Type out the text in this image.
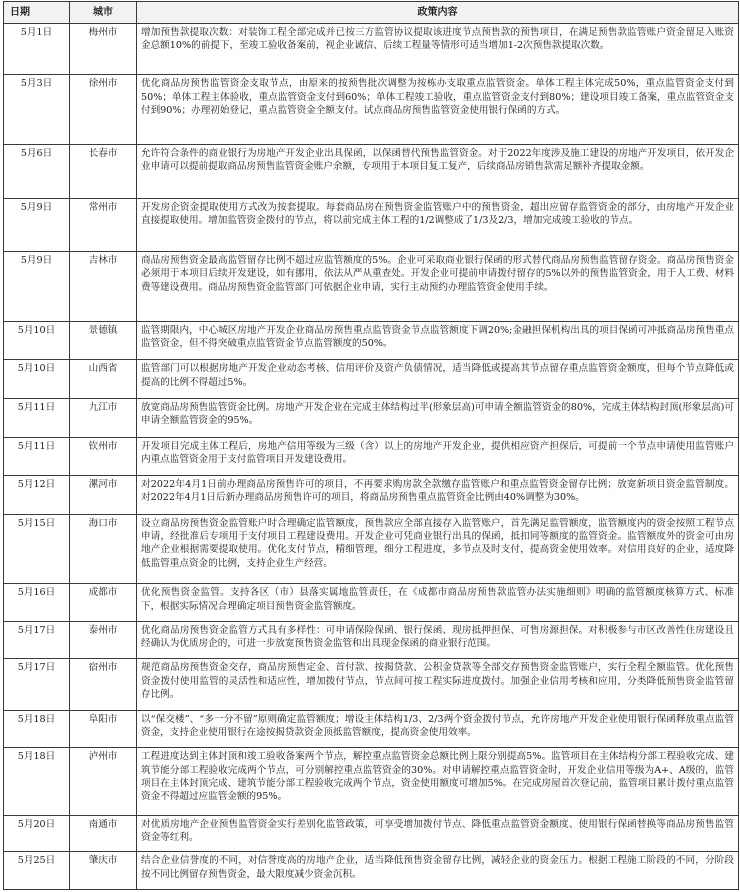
日期	城市	政策内容
5月1日	梅州市	增加预售款提取次数：对装饰工程全部完成并已按三方监管协议提取该进度节点预售款的预售项目，在满足预售款监管账户资金留足入账资金总额10%的前提下，至竣工验收备案前，视企业诚信、后续工程量等情形可适当增加1-2次预售款提取次数。
5月3日	徐州市	优化商品房预售监管资金支取节点，由原来的按预售批次调整为按栋办支取重点监管资金。单体工程主体完成50%，重点监管资金支付到50%；单体工程主体验收，重点监管资金支付到60%；单体工程竣工验收，重点监管资金支付到80%；建设项目竣工备案，重点监管资金支付到90%；办理初始登记，重点监管资金全额支付。试点商品房预售监管资金使用银行保函的方式。
5月6日	长春市	允许符合条件的商业银行为房地产开发企业出具保函，以保函替代预售监管资金。对于2022年度涉及施工建设的房地产开发项目，依开发企业申请可以提前提取商品房预售监管资金账户余额，专项用于本项目复工复产，后续商品房销售款需足额补齐提取金额。
5月9日	常州市	开发房企资金提取使用方式改为按套提取。每套商品房在预售资金监管账户中的预售资金，超出应留存监管资金的部分，由房地产开发企业直接提取使用。增加监管资金拨付的节点，将以前完成主体工程的1/2调整成了1/3及2/3，增加完成竣工验收的节点。
5月9日	吉林市	商品房预售资金最高监管留存比例不超过应监管额度的5%。企业可采取商业银行保函的形式替代商品房预售监管留存资金。商品房预售资金必须用于本项目后续开发建设，如有挪用，依法从严从重查处。开发企业可提前申请拨付留存的5%以外的预售监管资金，用于人工费、材料费等建设费用。商品房预售资金监管部门可依据企业申请，实行主动预约办理监管资金使用手续。
5月10日	景德镇	监管期限内，中心城区房地产开发企业商品房预售重点监管资金节点监管额度下调20%;金融担保机构出具的项目保函可冲抵商品房预售重点监管资金，但不得突破重点监管资金节点监管额度的50%。
5月10日	山西省	监管部门可以根据房地产开发企业动态考核、信用评价及资产负债情况，适当降低或提高其节点留存重点监管资金额度，但每个节点降低或提高的比例不得超过5%。
5月11日	九江市	放宽商品房预售监管资金比例。房地产开发企业在完成主体结构过半(形象层高)可申请全额监管资金的80%，完成主体结构封顶(形象层高)可申请全额监管资金的95%。
5月11日	钦州市	开发项目完成主体工程后，房地产信用等级为三级（含）以上的房地产开发企业，提供相应资产担保后，可提前一个节点申请使用监管账户内重点监管资金用于支付监管项目开发建设费用。
5月12日	漯河市	对2022年4月1日前办理商品房预售许可的项目，不再要求购房款全款缴存监管账户和重点监管资金留存比例；放宽新项目资金监管制度。对2022年4月1日后新办理商品房预售许可的项目，将商品房预售重点监管资金比例由40%调整为30%。
5月15日	海口市	设立商品房预售资金监管账户时合理确定监管额度，预售款应全部直接存入监管账户，首先满足监管额度，监管额度内的资金按照工程节点申请，经批准后专项用于支付项目工程建设费用。开发企业可凭商业银行出具的保函，抵扣同等额度的监管资金。监管额度外的资金可由房地产企业根据需要提取使用。优化支付节点，精细管理，细分工程进度，多节点及时支付，提高资金使用效率。对信用良好的企业，适度降低监管重点资金的比例，支持企业生产经营。
5月16日	成都市	优化预售资金监管。支持各区（市）县落实属地监管责任，在《成都市商品房预售款监管办法实施细则》明确的监管额度核算方式、标准下，根据实际情况合理确定项目预售资金监管额度。
5月17日	泰州市	优化商品房预售资金监管方式具有多样性：可申请保险保函、银行保函、现房抵押担保、可售房源担保。对积极参与市区改善性住房建设且经确认为优质房企的，可进一步放宽预售资金监管和出具现金保函的商业银行范围。
5月17日	宿州市	规范商品房预售资金交存，商品房预售定金、首付款、按揭贷款、公积金贷款等全部交存预售资金监管账户，实行全程全额监管。优化预售资金拨付使用监管的灵活性和适应性，增加拨付节点，节点间可按工程实际进度拨付。加强企业信用考核和应用，分类降低预售资金监管留存比例。
5月18日	阜阳市	以“保交楼”、“多一分不留”原则确定监管额度；增设主体结构1/3、2/3两个资金拨付节点，允许房地产开发企业使用银行保函释放重点监管资金，支持企业使用银行在途按揭贷款资金顶抵监管额度，提高资金使用效率。
5月18日	泸州市	工程进度达到主体封顶和竣工验收备案两个节点，解控重点监管资金总额比例上限分别提高5%。监管项目在主体结构分部工程验收完成、建筑节能分部工程验收完成两个节点，可分别解控重点监管资金的30%。对申请解控重点监管资金时，开发企业信用等级为A+、A级的，监管项目在主体封顶完成、建筑节能分部工程验收完成两个节点，资金使用额度可增加5%。在完成房屋首次登记前，监管项目累计拨付重点监管资金不得超过应监管金额的95%。
5月20日	南通市	对优质房地产企业预售监管资金实行差别化监管政策，可享受增加拨付节点、降低重点监管资金额度、使用银行保函替换等商品房预售监管资金等红利。
5月25日	肇庆市	结合企业信誉度的不同，对信誉度高的房地产企业，适当降低预售资金留存比例，减轻企业的资金压力。根据工程施工阶段的不同，分阶段按不同比例留存预售资金，最大限度减少资金沉积。
